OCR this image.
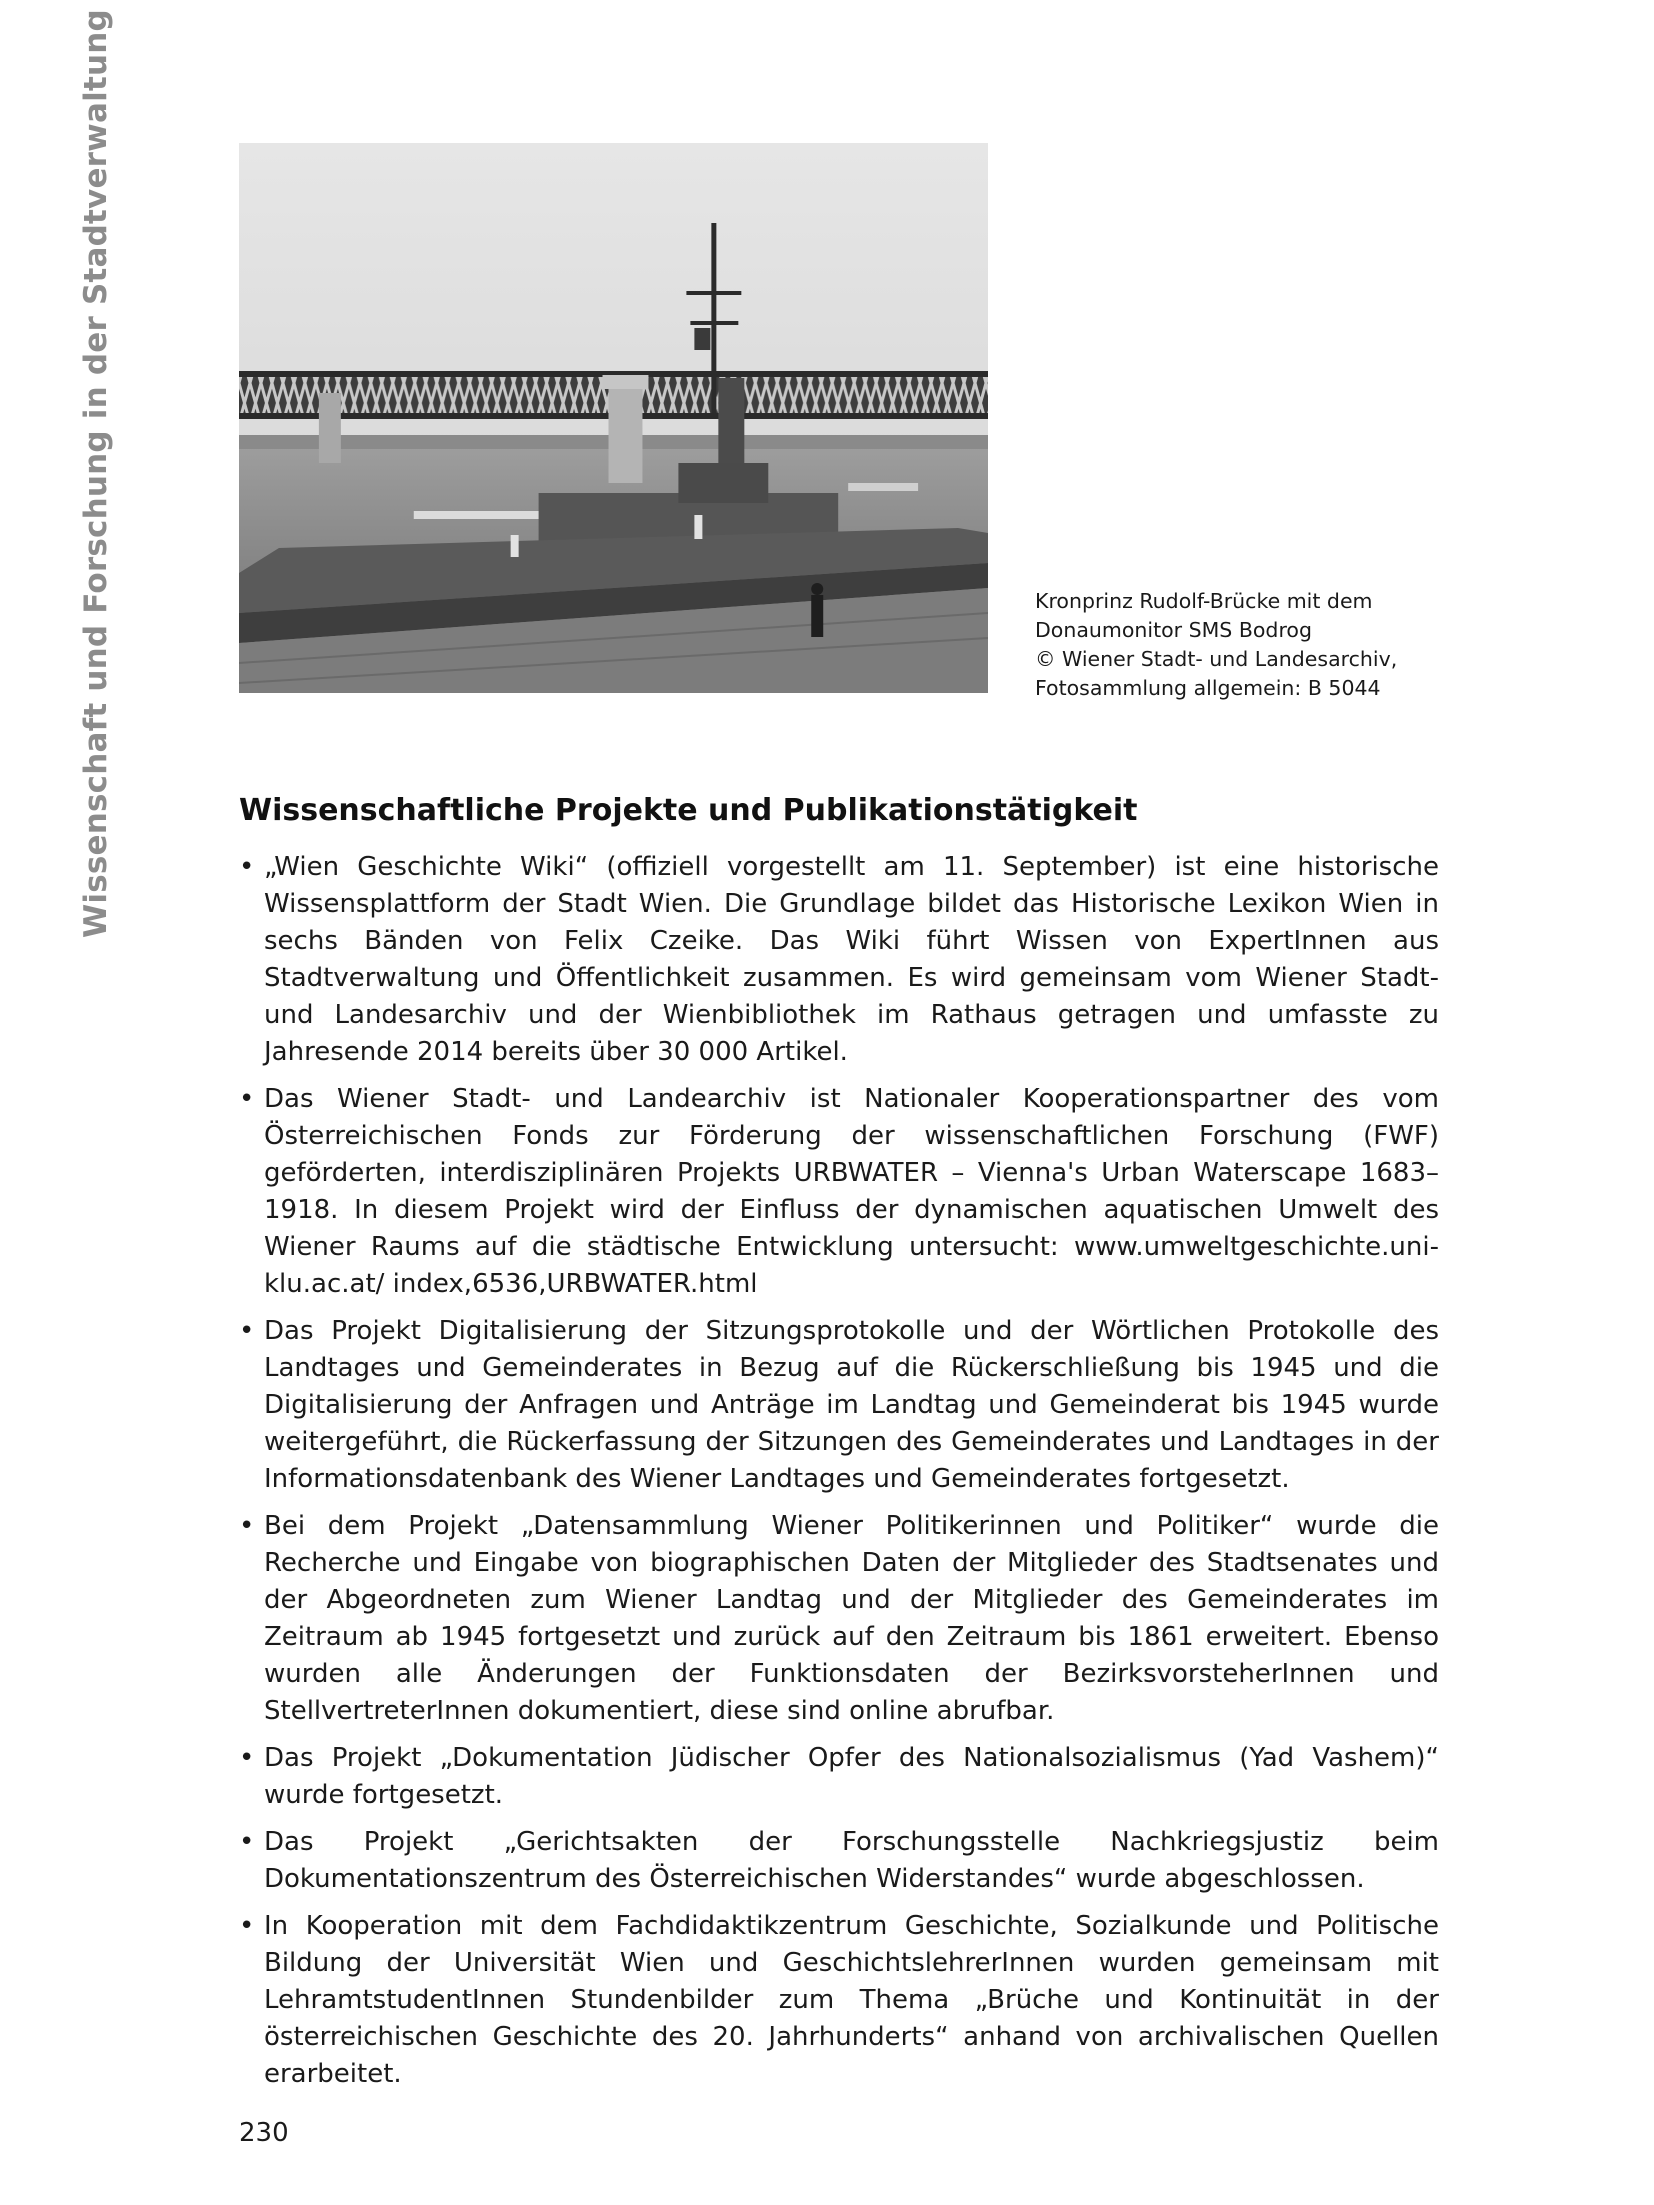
Wissenschaft und Forschung in der Stadtverwaltung	Kronprinz Rudolf-Brücke mit dem
Donaumonitor SMS Bodrog
© Wiener Stadt- und Landesarchiv,
Fotosammlung allgemein: B 5044
Wissenschaftliche Projekte und Publikationstätigkeit
• „Wien Geschichte Wiki“ (offiziell vorgestellt am 11. September) ist eine historische Wissensplattform der Stadt Wien. Die Grundlage bildet das Historische Lexikon Wien in sechs Bänden von Felix Czeike. Das Wiki führt Wissen von ExpertInnen aus Stadtverwaltung und Öffentlichkeit zusammen. Es wird gemeinsam vom Wiener Stadt- und Landesarchiv und der Wienbibliothek im Rathaus getragen und umfasste zu Jahresende 2014 bereits über 30 000 Artikel.
• Das Wiener Stadt- und Landearchiv ist Nationaler Kooperationspartner des vom Österreichischen Fonds zur Förderung der wissenschaftlichen Forschung (FWF) geförderten, interdisziplinären Projekts URBWATER – Vienna's Urban Waterscape 1683–1918. In diesem Projekt wird der Einfluss der dynamischen aquatischen Umwelt des Wiener Raums auf die städtische Entwicklung untersucht: www.umweltgeschichte.uni-klu.ac.at/ index,6536,URBWATER.html
• Das Projekt Digitalisierung der Sitzungsprotokolle und der Wörtlichen Protokolle des Landtages und Gemeinderates in Bezug auf die Rückerschließung bis 1945 und die Digitalisierung der Anfragen und Anträge im Landtag und Gemeinderat bis 1945 wurde weitergeführt, die Rückerfassung der Sitzungen des Gemeinderates und Landtages in der Informationsdatenbank des Wiener Landtages und Gemeinderates fortgesetzt.
• Bei dem Projekt „Datensammlung Wiener Politikerinnen und Politiker“ wurde die Recherche und Eingabe von biographischen Daten der Mitglieder des Stadtsenates und der Abgeordneten zum Wiener Landtag und der Mitglieder des Gemeinderates im Zeitraum ab 1945 fortgesetzt und zurück auf den Zeitraum bis 1861 erweitert. Ebenso wurden alle Änderungen der Funktionsdaten der BezirksvorsteherInnen und StellvertreterInnen dokumentiert, diese sind online abrufbar.
• Das Projekt „Dokumentation Jüdischer Opfer des Nationalsozialismus (Yad Vashem)“ wurde fortgesetzt.
• Das Projekt „Gerichtsakten der Forschungsstelle Nachkriegsjustiz beim Dokumentationszentrum des Österreichischen Widerstandes“ wurde abgeschlossen.
• In Kooperation mit dem Fachdidaktikzentrum Geschichte, Sozialkunde und Politische Bildung der Universität Wien und GeschichtslehrerInnen wurden gemeinsam mit LehramtstudentInnen Stundenbilder zum Thema „Brüche und Kontinuität in der österreichischen Geschichte des 20. Jahrhunderts“ anhand von archivalischen Quellen erarbeitet.
230
